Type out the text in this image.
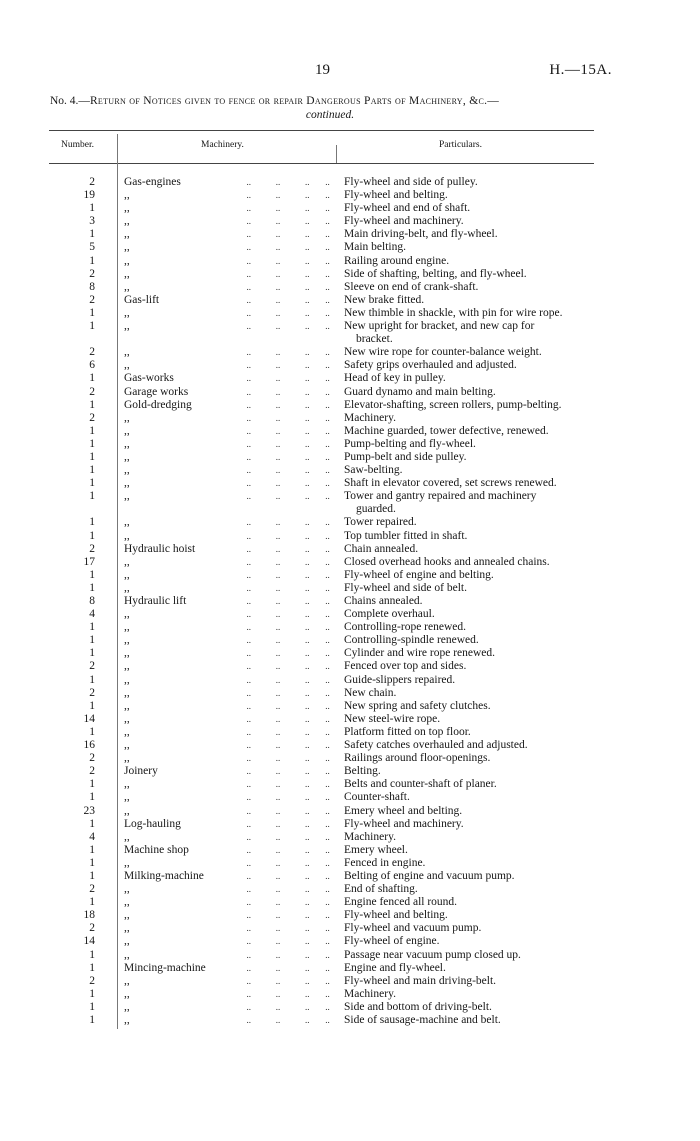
19	H.—15A.
No. 4.—Return of Notices given to fence or repair Dangerous Parts of Machinery, &c.—
continued.
Number.	Machinery.	Particulars.
2	Gas-engines	..           ..           ..       ..	Fly-wheel and side of pulley.
19	,,	..           ..           ..       ..	Fly-wheel and belting.
1	,,	..           ..           ..       ..	Fly-wheel and end of shaft.
3	,,	..           ..           ..       ..	Fly-wheel and machinery.
1	,,	..           ..           ..       ..	Main driving-belt, and fly-wheel.
5	,,	..           ..           ..       ..	Main belting.
1	,,	..           ..           ..       ..	Railing around engine.
2	,,	..           ..           ..       ..	Side of shafting, belting, and fly-wheel.
8	,,	..           ..           ..       ..	Sleeve on end of crank-shaft.
2	Gas-lift	..           ..           ..       ..	New brake fitted.
1	,,	..           ..           ..       ..	New thimble in shackle, with pin for wire rope.
1	,,	..           ..           ..       ..	New upright for bracket, and new cap for
bracket.
2	,,	..           ..           ..       ..	New wire rope for counter-balance weight.
6	,,	..           ..           ..       ..	Safety grips overhauled and adjusted.
1	Gas-works	..           ..           ..       ..	Head of key in pulley.
2	Garage works	..           ..           ..       ..	Guard dynamo and main belting.
1	Gold-dredging	..           ..           ..       ..	Elevator-shafting, screen rollers, pump-belting.
2	,,	..           ..           ..       ..	Machinery.
1	,,	..           ..           ..       ..	Machine guarded, tower defective, renewed.
1	,,	..           ..           ..       ..	Pump-belting and fly-wheel.
1	,,	..           ..           ..       ..	Pump-belt and side pulley.
1	,,	..           ..           ..       ..	Saw-belting.
1	,,	..           ..           ..       ..	Shaft in elevator covered, set screws renewed.
1	,,	..           ..           ..       ..	Tower and gantry repaired and machinery
guarded.
1	,,	..           ..           ..       ..	Tower repaired.
1	,,	..           ..           ..       ..	Top tumbler fitted in shaft.
2	Hydraulic hoist	..           ..           ..       ..	Chain annealed.
17	,,	..           ..           ..       ..	Closed overhead hooks and annealed chains.
1	,,	..           ..           ..       ..	Fly-wheel of engine and belting.
1	,,	..           ..           ..       ..	Fly-wheel and side of belt.
8	Hydraulic lift	..           ..           ..       ..	Chains annealed.
4	,,	..           ..           ..       ..	Complete overhaul.
1	,,	..           ..           ..       ..	Controlling-rope renewed.
1	,,	..           ..           ..       ..	Controlling-spindle renewed.
1	,,	..           ..           ..       ..	Cylinder and wire rope renewed.
2	,,	..           ..           ..       ..	Fenced over top and sides.
1	,,	..           ..           ..       ..	Guide-slippers repaired.
2	,,	..           ..           ..       ..	New chain.
1	,,	..           ..           ..       ..	New spring and safety clutches.
14	,,	..           ..           ..       ..	New steel-wire rope.
1	,,	..           ..           ..       ..	Platform fitted on top floor.
16	,,	..           ..           ..       ..	Safety catches overhauled and adjusted.
2	,,	..           ..           ..       ..	Railings around floor-openings.
2	Joinery	..           ..           ..       ..	Belting.
1	,,	..           ..           ..       ..	Belts and counter-shaft of planer.
1	,,	..           ..           ..       ..	Counter-shaft.
23	,,	..           ..           ..       ..	Emery wheel and belting.
1	Log-hauling	..           ..           ..       ..	Fly-wheel and machinery.
4	,,	..           ..           ..       ..	Machinery.
1	Machine shop	..           ..           ..       ..	Emery wheel.
1	,,	..           ..           ..       ..	Fenced in engine.
1	Milking-machine ..           ..           ..       ..	Belting of engine and vacuum pump.
2	,,	..           ..           ..       ..	End of shafting.
1	,,	..           ..           ..       ..	Engine fenced all round.
18	,,	..           ..           ..       ..	Fly-wheel and belting.
2	,,	..           ..           ..       ..	Fly-wheel and vacuum pump.
14	,,	..           ..           ..       ..	Fly-wheel of engine.
1	,,	..           ..           ..       ..	Passage near vacuum pump closed up.
1	Mincing-machine ..           ..           ..       ..	Engine and fly-wheel.
2	,,	..           ..           ..       ..	Fly-wheel and main driving-belt.
1	,,	..           ..           ..       ..	Machinery.
1	,,	..           ..           ..       ..	Side and bottom of driving-belt.
1	,,	..           ..           ..       ..	Side of sausage-machine and belt.
